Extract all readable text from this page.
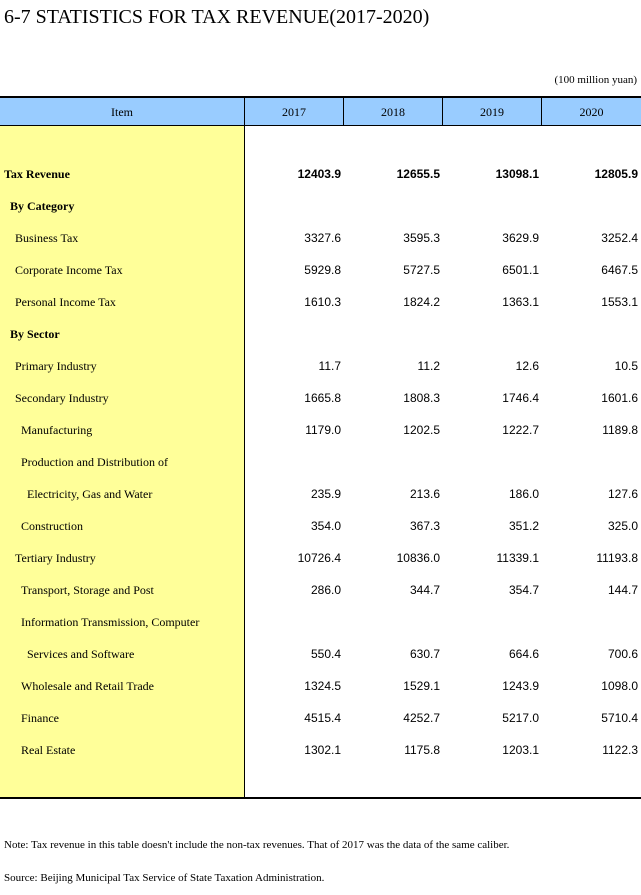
6-7 STATISTICS FOR TAX REVENUE(2017-2020)
(100 million yuan)
Item	2017	2018	2019	2020
Tax Revenue	12403.9	12655.5	13098.1	12805.9
By Category
Business Tax	3327.6	3595.3	3629.9	3252.4
Corporate Income Tax	5929.8	5727.5	6501.1	6467.5
Personal Income Tax	1610.3	1824.2	1363.1	1553.1
By Sector
Primary Industry	11.7	11.2	12.6	10.5
Secondary Industry	1665.8	1808.3	1746.4	1601.6
Manufacturing	1179.0	1202.5	1222.7	1189.8
Production and Distribution of
Electricity, Gas and Water	235.9	213.6	186.0	127.6
Construction	354.0	367.3	351.2	325.0
Tertiary Industry	10726.4	10836.0	11339.1	11193.8
Transport, Storage and Post	286.0	344.7	354.7	144.7
Information Transmission, Computer
Services and Software	550.4	630.7	664.6	700.6
Wholesale and Retail Trade	1324.5	1529.1	1243.9	1098.0
Finance	4515.4	4252.7	5217.0	5710.4
Real Estate	1302.1	1175.8	1203.1	1122.3
Note: Tax revenue in this table doesn't include the non-tax revenues. That of 2017 was the data of the same caliber.
Source: Beijing Municipal Tax Service of State Taxation Administration.
